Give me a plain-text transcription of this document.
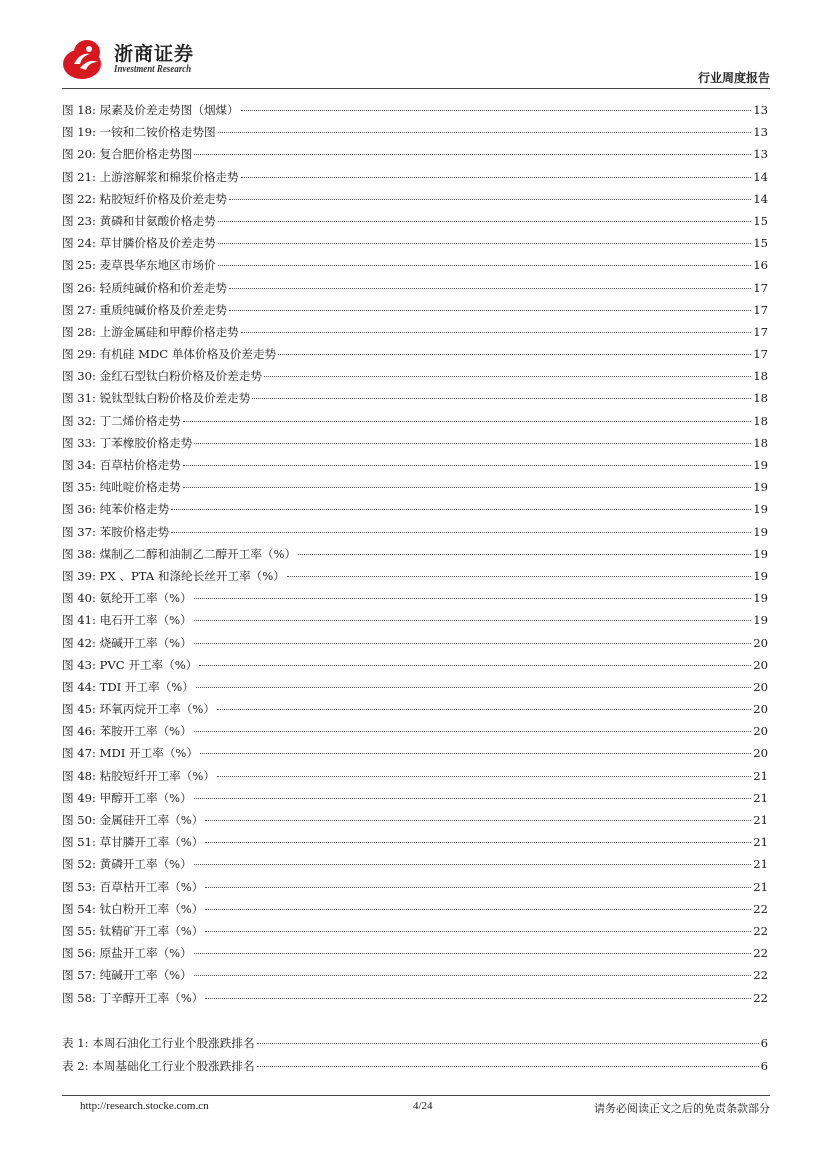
浙商证券
Investment Research
行业周度报告
图 18: 尿素及价差走势图（烟煤）	13
图 19: 一铵和二铵价格走势图	13
图 20: 复合肥价格走势图	13
图 21: 上游溶解浆和棉浆价格走势	14
图 22: 粘胶短纤价格及价差走势	14
图 23: 黄磷和甘氨酸价格走势	15
图 24: 草甘膦价格及价差走势	15
图 25: 麦草畏华东地区市场价	16
图 26: 轻质纯碱价格和价差走势	17
图 27: 重质纯碱价格及价差走势	17
图 28: 上游金属硅和甲醇价格走势	17
图 29: 有机硅 MDC 单体价格及价差走势	17
图 30: 金红石型钛白粉价格及价差走势	18
图 31: 锐钛型钛白粉价格及价差走势	18
图 32: 丁二烯价格走势	18
图 33: 丁苯橡胶价格走势	18
图 34: 百草枯价格走势	19
图 35: 纯吡啶价格走势	19
图 36: 纯苯价格走势	19
图 37: 苯胺价格走势	19
图 38: 煤制乙二醇和油制乙二醇开工率（%）	19
图 39: PX 、PTA 和涤纶长丝开工率（%）	19
图 40: 氨纶开工率（%）	19
图 41: 电石开工率（%）	19
图 42: 烧碱开工率（%）	20
图 43: PVC 开工率（%）	20
图 44: TDI 开工率（%）	20
图 45: 环氧丙烷开工率（%）	20
图 46: 苯胺开工率（%）	20
图 47: MDI 开工率（%）	20
图 48: 粘胶短纤开工率（%）	21
图 49: 甲醇开工率（%）	21
图 50: 金属硅开工率（%）	21
图 51: 草甘膦开工率（%）	21
图 52: 黄磷开工率（%）	21
图 53: 百草枯开工率（%）	21
图 54: 钛白粉开工率（%）	22
图 55: 钛精矿开工率（%）	22
图 56: 原盐开工率（%）	22
图 57: 纯碱开工率（%）	22
图 58: 丁辛醇开工率（%）	22
表 1: 本周石油化工行业个股涨跌排名	6
表 2: 本周基础化工行业个股涨跌排名	6
http://research.stocke.com.cn	4/24	请务必阅读正文之后的免责条款部分
